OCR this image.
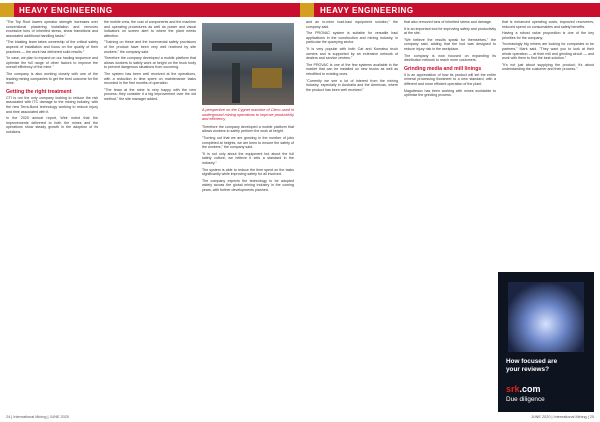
HEAVY ENGINEERING

"The Top Roof lowers operator strength increases over conventional plastering installation and removes excessive tons of inherited stress, shear transitions and associated additional handling tasks."

"The blasting team takes ownership of the critical safety aspects of installation and focus on the quality of their practices — the work has delivered solid results."

"In case, we plan to expand on our hauling sequence and optimise the full range of other factors to improve the overall efficiency of the mine."

The company is also working closely with one of the leading mining companies to get the best outcome for the mine.

Getting the right treatment

CTI is not the only company looking to reduce the risk associated with ITC damage to the mining industry, with the new Terra-Bond technology working to reduce injury and time associated with it.

In the 2020 annual report, Weir noted that the improvements delivered to both the mines and the operations show steady growth in the adoption of its solutions.

the mobile crew, the cost of components and the machine and operating procedures as well as power and visual indicators on screen alert to where the plant needs attention.

"Training on these and the incremental safety provisions of the product have been very well received by site workers," the company said.

Therefore the company developed a mobile platform that allows workers to safely work at height on the truck body to prevent dangerous situations from occurring.

The system has been well received at the operations, with a reduction in time spent on maintenance tasks recorded in the first months of operation.

"The team at the mine is very happy with the new process; they consider it a big improvement over the old method," the site manager added.

A perspective on the Cygnet machine of Cleco used in underground mining operations to improve productivity and efficiency

Therefore the company developed a mobile platform that allows workers to safely perform the work at height.

"Turning out that we are growing in the number of jobs completed at heights, we are keen to ensure the safety of the workers," the company said.

"It is not only about the equipment but about the full safety culture; we believe it sets a standard in the industry."

The system is able to reduce the time spent on the tasks significantly while improving safety for all involved.

The company expects the technology to be adopted widely across the global mining industry in the coming years, with further developments planned.

24 | International Mining | JUNE 2020
HEAVY ENGINEERING

and an in-mine load-haul equipment solution," the company said.

The PROVAC system is suitable for versatile haul applications in the construction and mining industry, in particular the quarrying sector.

"It is very popular with both Cat and Komatsu truck owners and is supported by an extensive network of dealers and service centres."

The PROVAC is one of the few systems available in the market that can be installed on new trucks as well as retrofitted to existing ones.

"Currently we see a lot of interest from the mining industry, especially in Australia and the Americas, where the product has been well received."

that also removed tons of inherited stress and damage.

It is an important tool for improving safety and productivity at the site.

"We believe the results speak for themselves," the company said, adding that the tool was designed to reduce injury risk in the workplace.

The company is now focused on expanding its distribution network to reach more customers.

Grinding media and mill linings

It is an appreciation of how its product will set the entire mineral processing flowsheet to a new standard, with a different and more efficient operation of the plant.

Magotteaux has been working with mines worldwide to optimise the grinding process.

that is enhanced operating costs, improved recoveries, reduced spend on consumables and safety benefits.

Having a robust value proposition is one of the key priorities for the company.

"Increasingly big miners are looking for companies to be partners," Mark said. "They want you to look at their whole operation — at their mill and grinding circuit — and work with them to find the best solution."

"It's not just about supplying the product; it's about understanding the customer and their process."

How focused are
your reviews?
srk.com
Due diligence
JUNE 2020 | International Mining | 25
